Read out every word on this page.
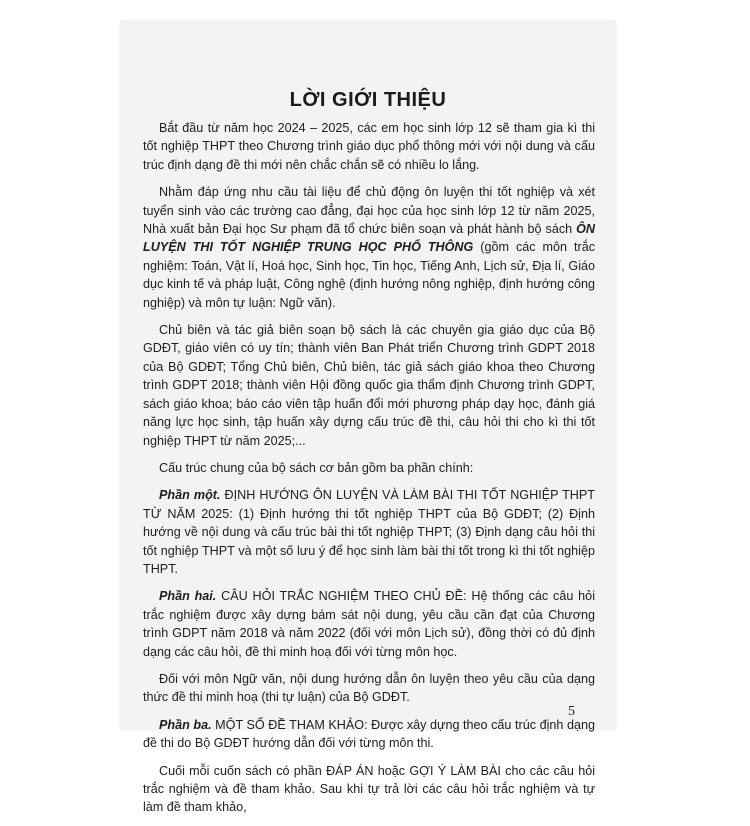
LỜI GIỚI THIỆU

Bắt đầu từ năm học 2024 – 2025, các em học sinh lớp 12 sẽ tham gia kì thi tốt nghiệp THPT theo Chương trình giáo dục phổ thông mới với nội dung và cấu trúc định dạng đề thi mới nên chắc chắn sẽ có nhiều lo lắng.

Nhằm đáp ứng nhu cầu tài liệu để chủ động ôn luyện thi tốt nghiệp và xét tuyển sinh vào các trường cao đẳng, đại học của học sinh lớp 12 từ năm 2025, Nhà xuất bản Đại học Sư phạm đã tổ chức biên soạn và phát hành bộ sách ÔN LUYỆN THI TỐT NGHIỆP TRUNG HỌC PHỔ THÔNG (gồm các môn trắc nghiệm: Toán, Vật lí, Hoá học, Sinh học, Tin học, Tiếng Anh, Lịch sử, Địa lí, Giáo dục kinh tế và pháp luật, Công nghệ (định hướng nông nghiệp, định hướng công nghiệp) và môn tự luận: Ngữ văn).

Chủ biên và tác giả biên soạn bộ sách là các chuyên gia giáo dục của Bộ GDĐT, giáo viên có uy tín; thành viên Ban Phát triển Chương trình GDPT 2018 của Bộ GDĐT; Tổng Chủ biên, Chủ biên, tác giả sách giáo khoa theo Chương trình GDPT 2018; thành viên Hội đồng quốc gia thẩm định Chương trình GDPT, sách giáo khoa; báo cáo viên tập huấn đổi mới phương pháp dạy học, đánh giá năng lực học sinh, tập huấn xây dựng cấu trúc đề thi, câu hỏi thi cho kì thi tốt nghiệp THPT từ năm 2025;...

Cấu trúc chung của bộ sách cơ bản gồm ba phần chính:

Phần một. ĐỊNH HƯỚNG ÔN LUYỆN VÀ LÀM BÀI THI TỐT NGHIỆP THPT TỪ NĂM 2025: (1) Định hướng thi tốt nghiệp THPT của Bộ GDĐT; (2) Định hướng về nội dung và cấu trúc bài thi tốt nghiệp THPT; (3) Định dạng câu hỏi thi tốt nghiệp THPT và một số lưu ý để học sinh làm bài thi tốt trong kì thi tốt nghiệp THPT.

Phần hai. CÂU HỎI TRẮC NGHIỆM THEO CHỦ ĐỀ: Hệ thống các câu hỏi trắc nghiệm được xây dựng bám sát nội dung, yêu cầu cần đạt của Chương trình GDPT năm 2018 và năm 2022 (đối với môn Lịch sử), đồng thời có đủ định dạng các câu hỏi, đề thi minh hoạ đối với từng môn học.

Đối với môn Ngữ văn, nội dung hướng dẫn ôn luyện theo yêu cầu của dạng thức đề thi minh hoạ (thi tự luận) của Bộ GDĐT.

Phần ba. MỘT SỐ ĐỀ THAM KHẢO: Được xây dựng theo cấu trúc định dạng đề thi do Bộ GDĐT hướng dẫn đối với từng môn thi.

Cuối mỗi cuốn sách có phần ĐÁP ÁN hoặc GỢI Ý LÀM BÀI cho các câu hỏi trắc nghiệm và đề tham khảo. Sau khi tự trả lời các câu hỏi trắc nghiệm và tự làm đề tham khảo,

5
